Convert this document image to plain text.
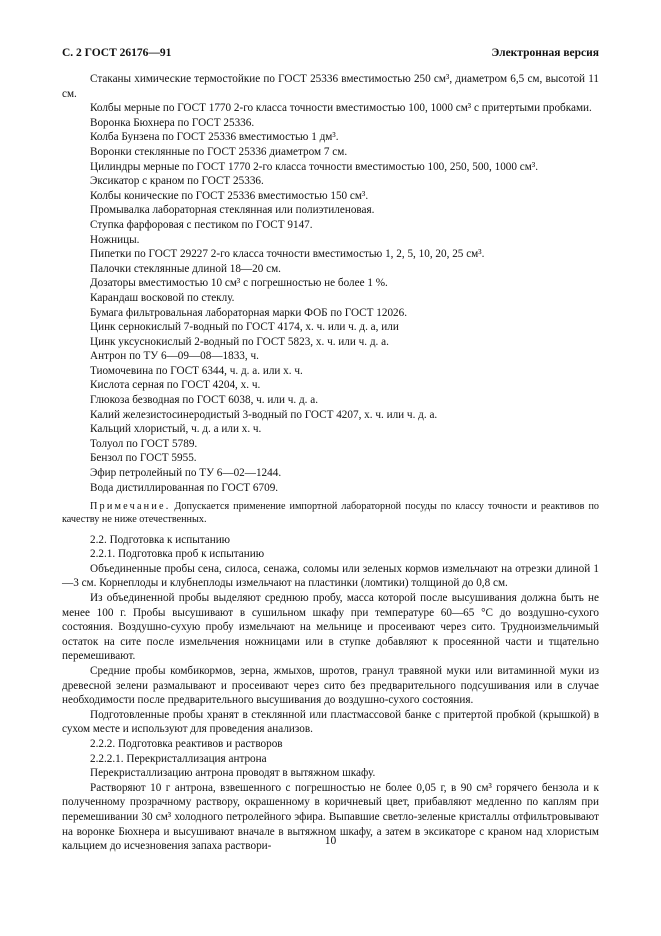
С. 2 ГОСТ 26176—91	Электронная версия

Стаканы химические термостойкие по ГОСТ 25336 вместимостью 250 см³, диаметром 6,5 см, высотой 11 см.

Колбы мерные по ГОСТ 1770 2-го класса точности вместимостью 100, 1000 см³ с притертыми пробками.

Воронка Бюхнера по ГОСТ 25336.

Колба Бунзена по ГОСТ 25336 вместимостью 1 дм³.

Воронки стеклянные по ГОСТ 25336 диаметром 7 см.

Цилиндры мерные по ГОСТ 1770 2-го класса точности вместимостью 100, 250, 500, 1000 см³.

Эксикатор с краном по ГОСТ 25336.

Колбы конические по ГОСТ 25336 вместимостью 150 см³.

Промывалка лабораторная стеклянная или полиэтиленовая.

Ступка фарфоровая с пестиком по ГОСТ 9147.

Ножницы.

Пипетки по ГОСТ 29227 2-го класса точности вместимостью 1, 2, 5, 10, 20, 25 см³.

Палочки стеклянные длиной 18—20 см.

Дозаторы вместимостью 10 см³ с погрешностью не более 1 %.

Карандаш восковой по стеклу.

Бумага фильтровальная лабораторная марки ФОБ по ГОСТ 12026.

Цинк сернокислый 7-водный по ГОСТ 4174, х. ч. или ч. д. а, или

Цинк уксуснокислый 2-водный по ГОСТ 5823, х. ч. или ч. д. а.

Антрон по ТУ 6—09—08—1833, ч.

Тиомочевина по ГОСТ 6344, ч. д. а. или х. ч.

Кислота серная по ГОСТ 4204, х. ч.

Глюкоза безводная по ГОСТ 6038, ч. или ч. д. а.

Калий железистосинеродистый 3-водный по ГОСТ 4207, х. ч. или ч. д. а.

Кальций хлористый, ч. д. а или х. ч.

Толуол по ГОСТ 5789.

Бензол по ГОСТ 5955.

Эфир петролейный по ТУ 6—02—1244.

Вода дистиллированная по ГОСТ 6709.

Примечание. Допускается применение импортной лабораторной посуды по классу точности и реактивов по качеству не ниже отечественных.

2.2. Подготовка к испытанию

2.2.1. Подготовка проб к испытанию

Объединенные пробы сена, силоса, сенажа, соломы или зеленых кормов измельчают на отрезки длиной 1—3 см. Корнеплоды и клубнеплоды измельчают на пластинки (ломтики) толщиной до 0,8 см.

Из объединенной пробы выделяют среднюю пробу, масса которой после высушивания должна быть не менее 100 г. Пробы высушивают в сушильном шкафу при температуре 60—65 °С до воздушно-сухого состояния. Воздушно-сухую пробу измельчают на мельнице и просеивают через сито. Трудноизмельчимый остаток на сите после измельчения ножницами или в ступке добавляют к просеянной части и тщательно перемешивают.

Средние пробы комбикормов, зерна, жмыхов, шротов, гранул травяной муки или витаминной муки из древесной зелени размалывают и просеивают через сито без предварительного подсушивания или в случае необходимости после предварительного высушивания до воздушно-сухого состояния.

Подготовленные пробы хранят в стеклянной или пластмассовой банке с притертой пробкой (крышкой) в сухом месте и используют для проведения анализов.

2.2.2. Подготовка реактивов и растворов

2.2.2.1. Перекристаллизация антрона

Перекристаллизацию антрона проводят в вытяжном шкафу.

Растворяют 10 г антрона, взвешенного с погрешностью не более 0,05 г, в 90 см³ горячего бензола и к полученному прозрачному раствору, окрашенному в коричневый цвет, прибавляют медленно по каплям при перемешивании 30 см³ холодного петролейного эфира. Выпавшие светло-зеленые кристаллы отфильтровывают на воронке Бюхнера и высушивают вначале в вытяжном шкафу, а затем в эксикаторе с краном над хлористым кальцием до исчезновения запаха раствори-	10
